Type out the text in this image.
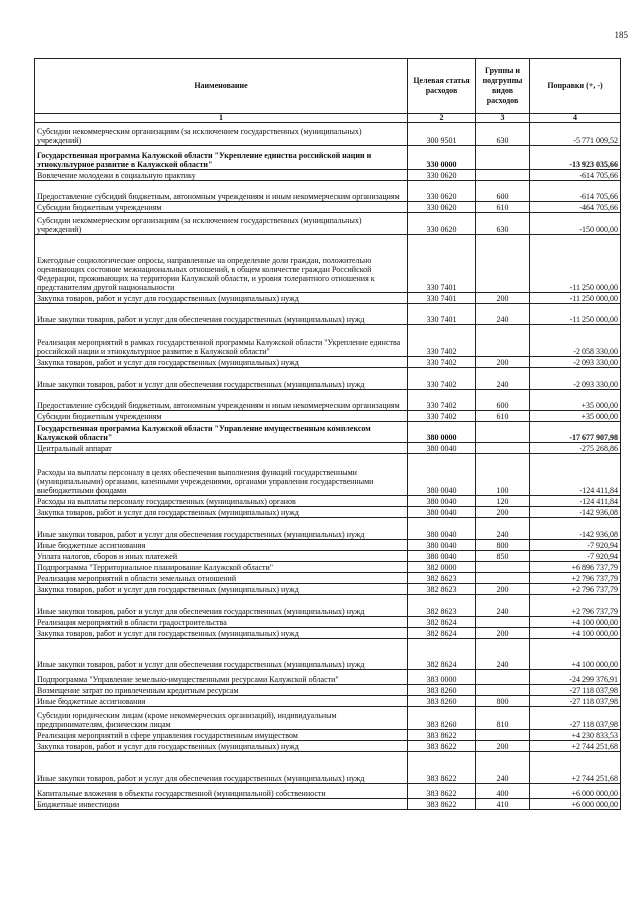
185
Наименование	Целевая статья расходов	Группы и подгруппы видов расходов	Поправки (+, -)
1	2	3	4
Субсидии некоммерческим организациям (за исключением государственных (муниципальных) учреждений)	300 9501	630	-5 771 009,52
Государственная программа Калужской области "Укрепление единства российской нации и этнокультурное развитие в Калужской области"	330 0000		-13 923 035,66
Вовлечение молодежи в социальную практику	330 0620		-614 705,66
Предоставление субсидий бюджетным, автономным учреждениям и иным некоммерческим организациям	330 0620	600	-614 705,66
Субсидии бюджетным учреждениям	330 0620	610	-464 705,66
Субсидии некоммерческим организациям (за исключением государственных (муниципальных) учреждений)	330 0620	630	-150 000,00
Ежегодные социологические опросы, направленные на определение доли граждан, положительно оценивающих состояние межнациональных отношений, в общем количестве граждан Российской Федерации, проживающих на территории Калужской области, и уровня толерантного отношения к представителям другой национальности	330 7401		-11 250 000,00
Закупка товаров, работ и услуг для государственных (муниципальных) нужд	330 7401	200	-11 250 000,00
Иные закупки товаров, работ и услуг для обеспечения государственных (муниципальных) нужд	330 7401	240	-11 250 000,00
Реализация мероприятий в рамках государственной программы Калужской области "Укрепление единства российской нации и этнокультурное развитие в Калужской области"	330 7402		-2 058 330,00
Закупка товаров, работ и услуг для государственных (муниципальных) нужд	330 7402	200	-2 093 330,00
Иные закупки товаров, работ и услуг для обеспечения государственных (муниципальных) нужд	330 7402	240	-2 093 330,00
Предоставление субсидий бюджетным, автономным учреждениям и иным некоммерческим организациям	330 7402	600	+35 000,00
Субсидии бюджетным учреждениям	330 7402	610	+35 000,00
Государственная программа Калужской области "Управление имущественным комплексом Калужской области"	380 0000		-17 677 907,98
Центральный аппарат	380 0040		-275 268,86
Расходы на выплаты персоналу в целях обеспечения выполнения функций государственными (муниципальными) органами, казенными учреждениями, органами управления государственными внебюджетными фондами	380 0040	100	-124 411,84
Расходы на выплаты персоналу государственных (муниципальных) органов	380 0040	120	-124 411,84
Закупка товаров, работ и услуг для государственных (муниципальных) нужд	380 0040	200	-142 936,08
Иные закупки товаров, работ и услуг для обеспечения государственных (муниципальных) нужд	380 0040	240	-142 936,08
Иные бюджетные ассигнования	380 0040	800	-7 920,94
Уплата налогов, сборов и иных платежей	380 0040	850	-7 920,94
Подпрограмма "Территориальное планирование Калужской области"	382 0000		+6 896 737,79
Реализация мероприятий в области земельных отношений	382 8623		+2 796 737,79
Закупка товаров, работ и услуг для государственных (муниципальных) нужд	382 8623	200	+2 796 737,79
Иные закупки товаров, работ и услуг для обеспечения государственных (муниципальных) нужд	382 8623	240	+2 796 737,79
Реализация мероприятий в области градостроительства	382 8624		+4 100 000,00
Закупка товаров, работ и услуг для государственных (муниципальных) нужд	382 8624	200	+4 100 000,00
Иные закупки товаров, работ и услуг для обеспечения государственных (муниципальных) нужд	382 8624	240	+4 100 000,00
Подпрограмма "Управление земельно-имущественными ресурсами Калужской области"	383 0000		-24 299 376,91
Возмещение затрат по привлеченным кредитным ресурсам	383 8260		-27 118 037,98
Иные бюджетные ассигнования	383 8260	800	-27 118 037,98
Субсидии юридическим лицам (кроме некоммерческих организаций), индивидуальным предпринимателям, физическим лицам	383 8260	810	-27 118 037,98
Реализация мероприятий в сфере управления государственным имуществом	383 8622		+4 230 833,53
Закупка товаров, работ и услуг для государственных (муниципальных) нужд	383 8622	200	+2 744 251,68
Иные закупки товаров, работ и услуг для обеспечения государственных (муниципальных) нужд	383 8622	240	+2 744 251,68
Капитальные вложения в объекты государственной (муниципальной) собственности	383 8622	400	+6 000 000,00
Бюджетные инвестиции	383 8622	410	+6 000 000,00
